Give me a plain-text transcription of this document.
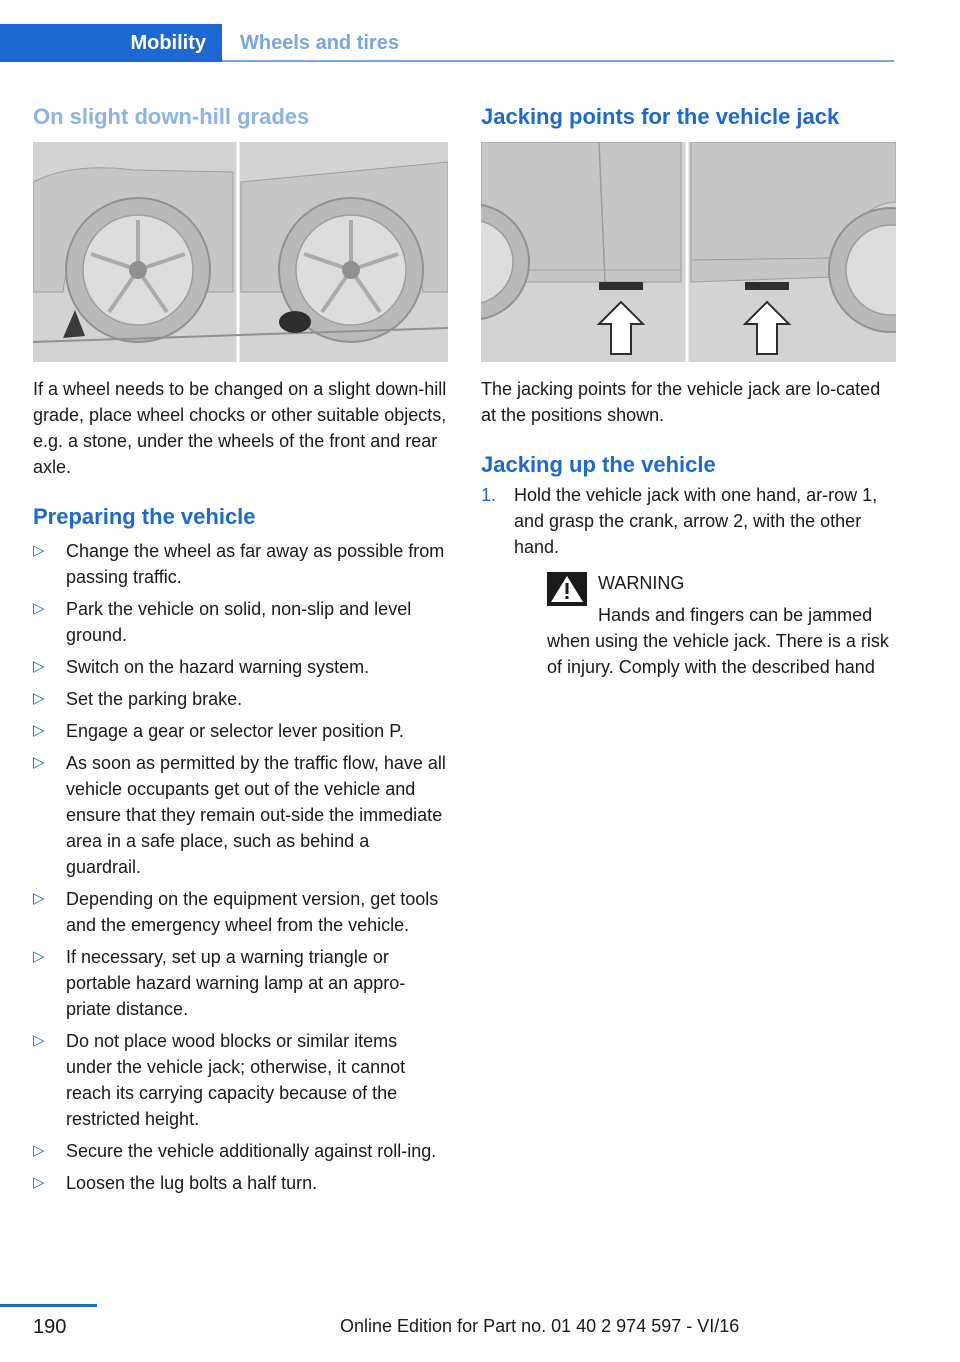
Mobility	Wheels and tires
On slight down-hill grades

If a wheel needs to be changed on a slight down-hill grade, place wheel chocks or other suitable objects, e.g. a stone, under the wheels of the front and rear axle.

Preparing the vehicle
▷ Change the wheel as far away as possible from passing traffic.
▷ Park the vehicle on solid, non-slip and level ground.
▷ Switch on the hazard warning system.
▷ Set the parking brake.
▷ Engage a gear or selector lever position P.
▷ As soon as permitted by the traffic flow, have all vehicle occupants get out of the vehicle and ensure that they remain out-side the immediate area in a safe place, such as behind a guardrail.
▷ Depending on the equipment version, get tools and the emergency wheel from the vehicle.
▷ If necessary, set up a warning triangle or portable hazard warning lamp at an appro-priate distance.
▷ Do not place wood blocks or similar items under the vehicle jack; otherwise, it cannot reach its carrying capacity because of the restricted height.
▷ Secure the vehicle additionally against roll-ing.
▷ Loosen the lug bolts a half turn.
Jacking points for the vehicle jack

The jacking points for the vehicle jack are lo-cated at the positions shown.

Jacking up the vehicle
1. Hold the vehicle jack with one hand, ar-row 1, and grasp the crank, arrow 2, with the other hand.
WARNING

Hands and fingers can be jammed when using the vehicle jack. There is a risk of injury. Comply with the described hand

190	Online Edition for Part no. 01 40 2 974 597 - VI/16
